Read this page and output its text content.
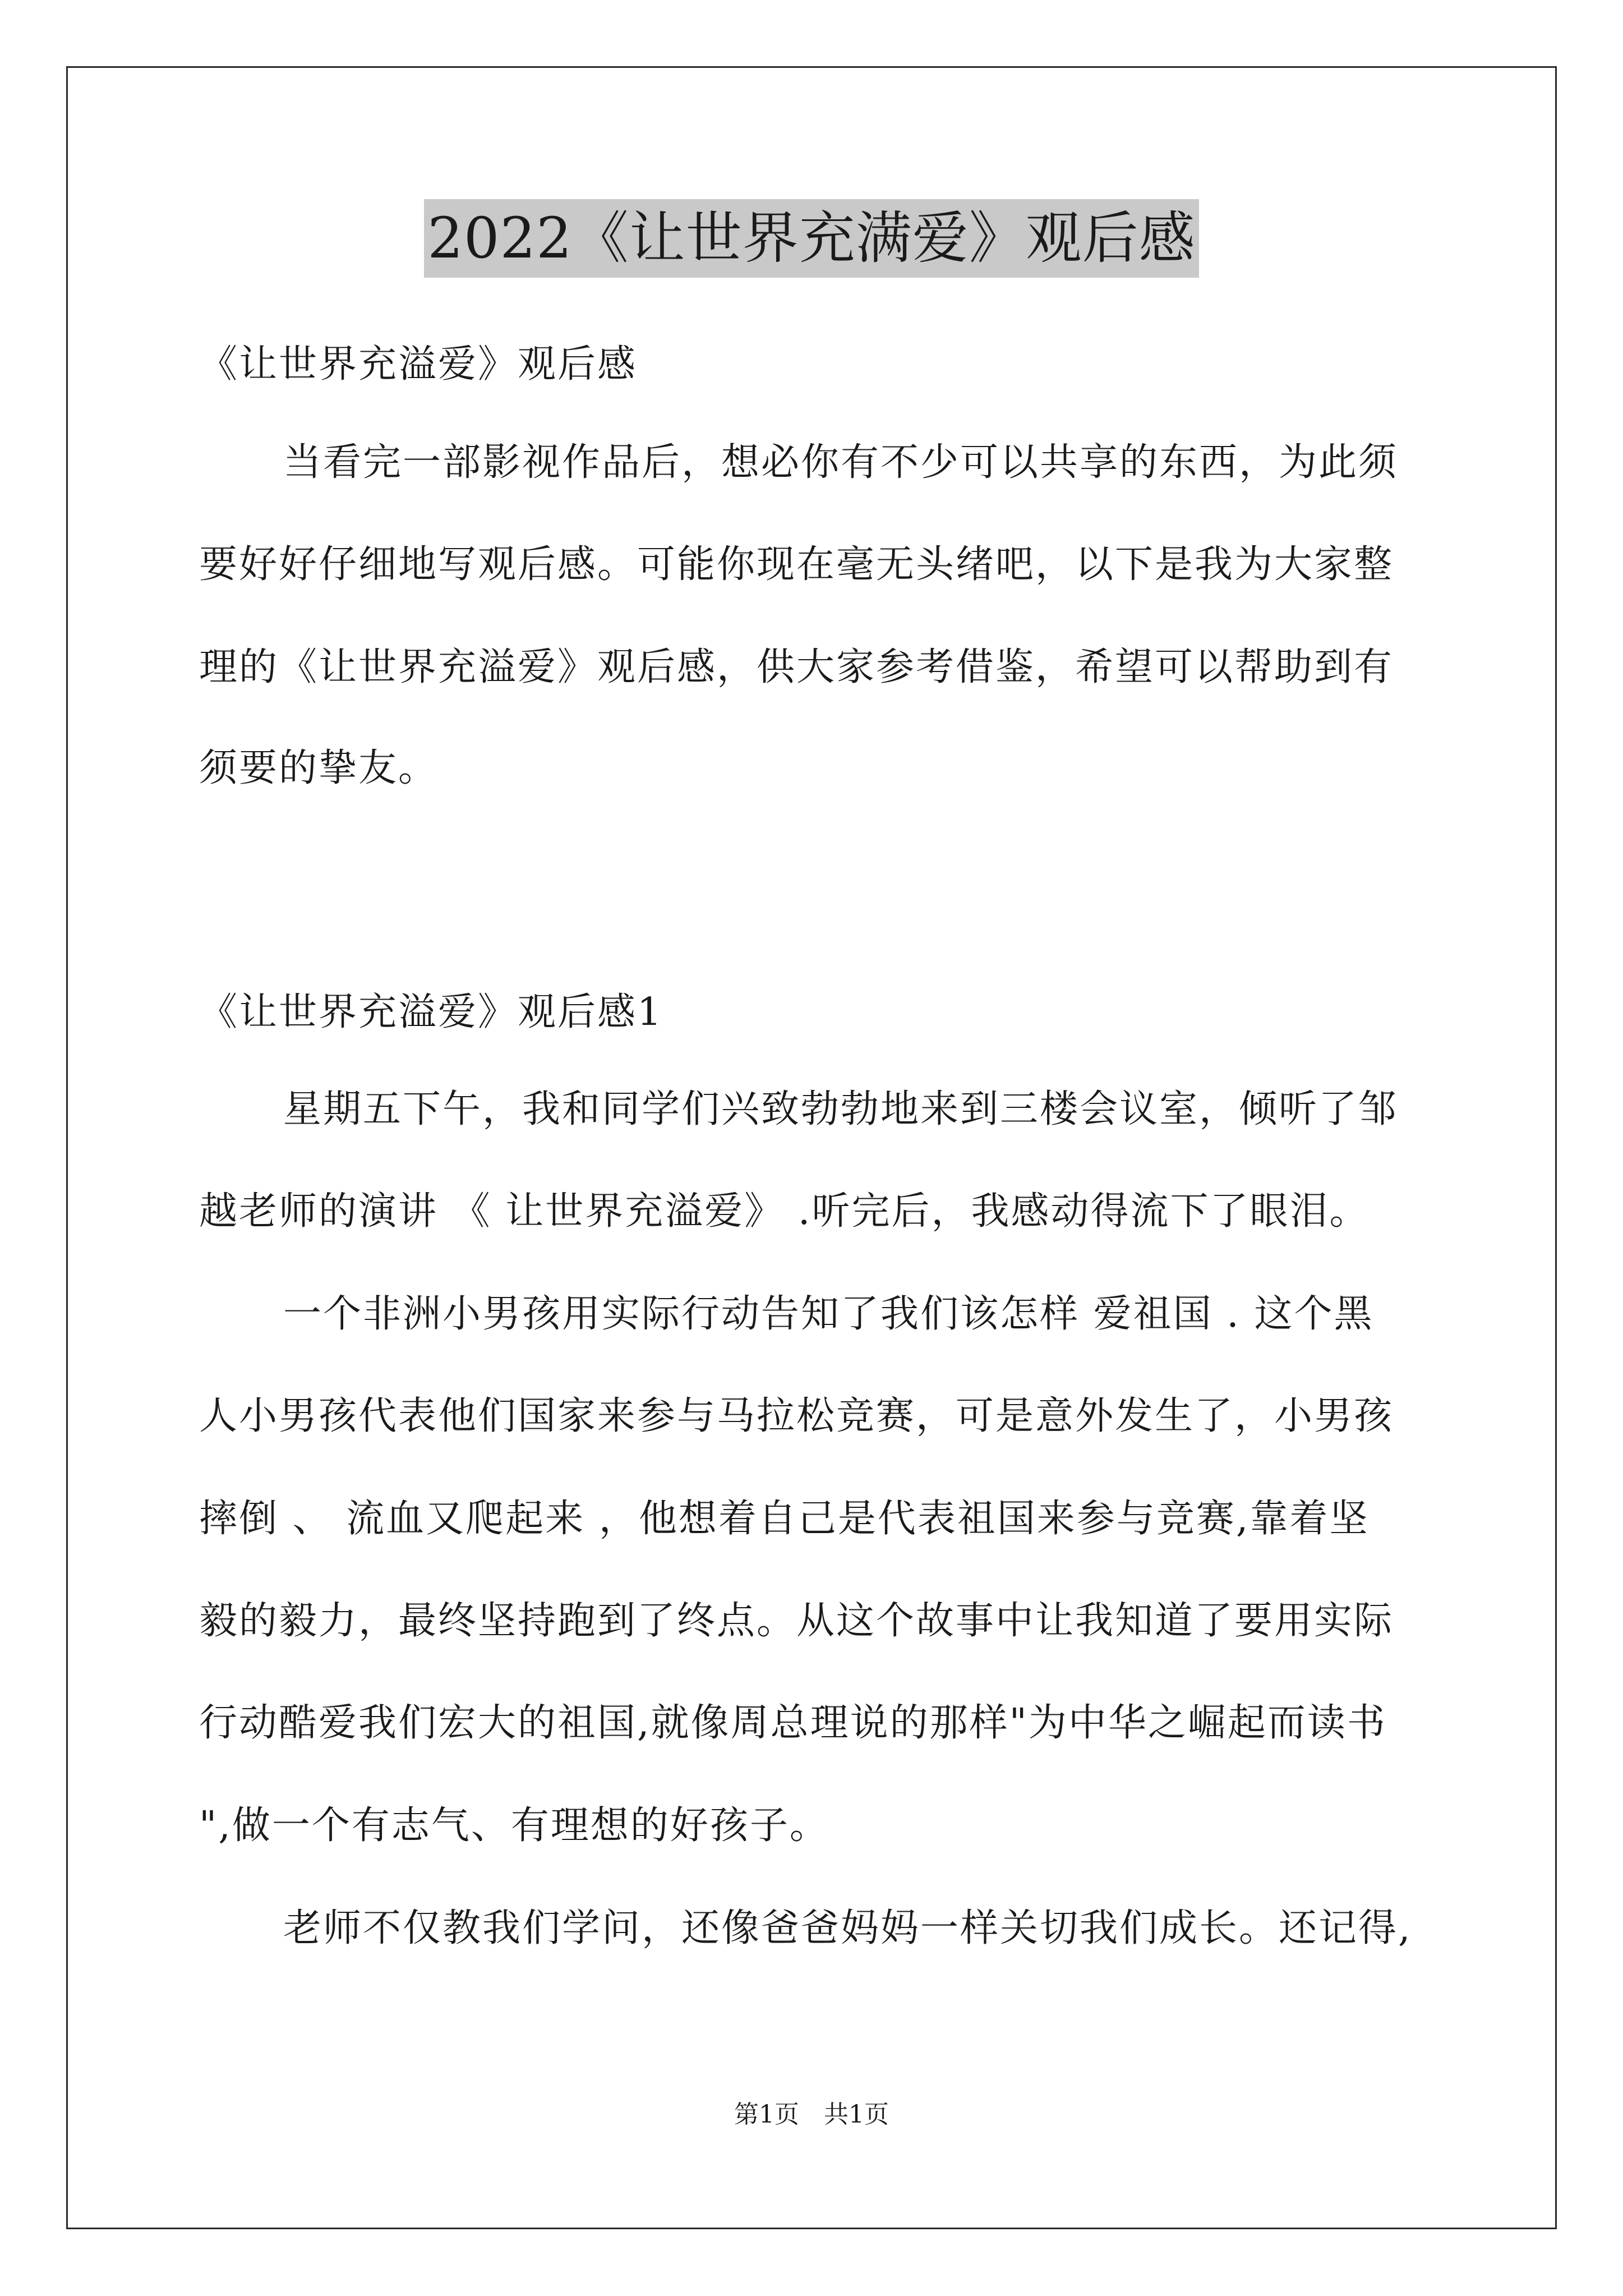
2022《让世界充满爱》观后感
《让世界充溢爱》观后感
当看完一部影视作品后，想必你有不少可以共享的东西，为此须
要好好仔细地写观后感。可能你现在毫无头绪吧，以下是我为大家整
理的《让世界充溢爱》观后感，供大家参考借鉴，希望可以帮助到有
须要的挚友。
《让世界充溢爱》观后感1
星期五下午，我和同学们兴致勃勃地来到三楼会议室，倾听了邹
越老师的演讲 《 让世界充溢爱》 .听完后，我感动得流下了眼泪。
一个非洲小男孩用实际行动告知了我们该怎样 爱祖国 . 这个黑
人小男孩代表他们国家来参与马拉松竞赛，可是意外发生了，小男孩
摔倒 、 流血又爬起来 ，他想着自己是代表祖国来参与竞赛,靠着坚
毅的毅力，最终坚持跑到了终点。从这个故事中让我知道了要用实际
行动酷爱我们宏大的祖国,就像周总理说的那样"为中华之崛起而读书
",做一个有志气、有理想的好孩子。
老师不仅教我们学问，还像爸爸妈妈一样关切我们成长。还记得,
第1页　共1页
